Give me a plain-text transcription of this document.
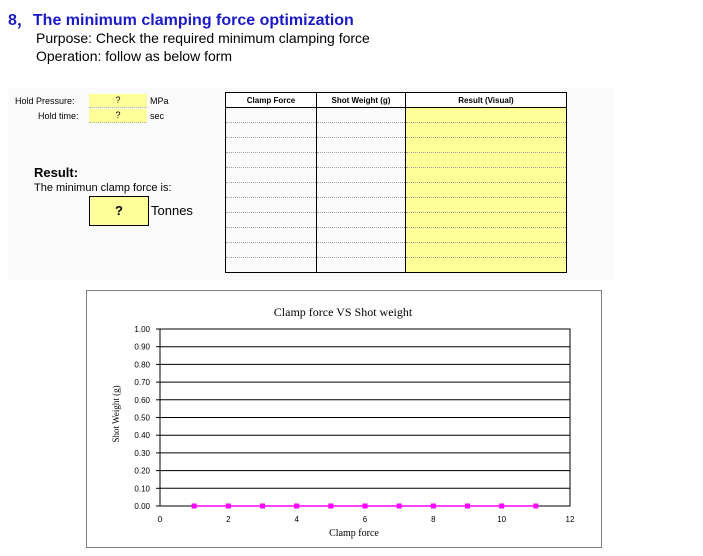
8，The minimum clamping force optimization
Purpose: Check the required minimum clamping force
Operation: follow as below form
Hold Pressure:	?	MPa
Hold time:	?	sec
Result:
The minimun clamp force is:
?	Tonnes
Clamp Force	Shot Weight (g)	Result (Visual)

Clamp force VS Shot weight
Clamp force
Shot Weight (g)
0.00
0.10
0.20
0.30
0.40
0.50
0.60
0.70
0.80
0.90
1.00
0	2	4	6	8	10	12
